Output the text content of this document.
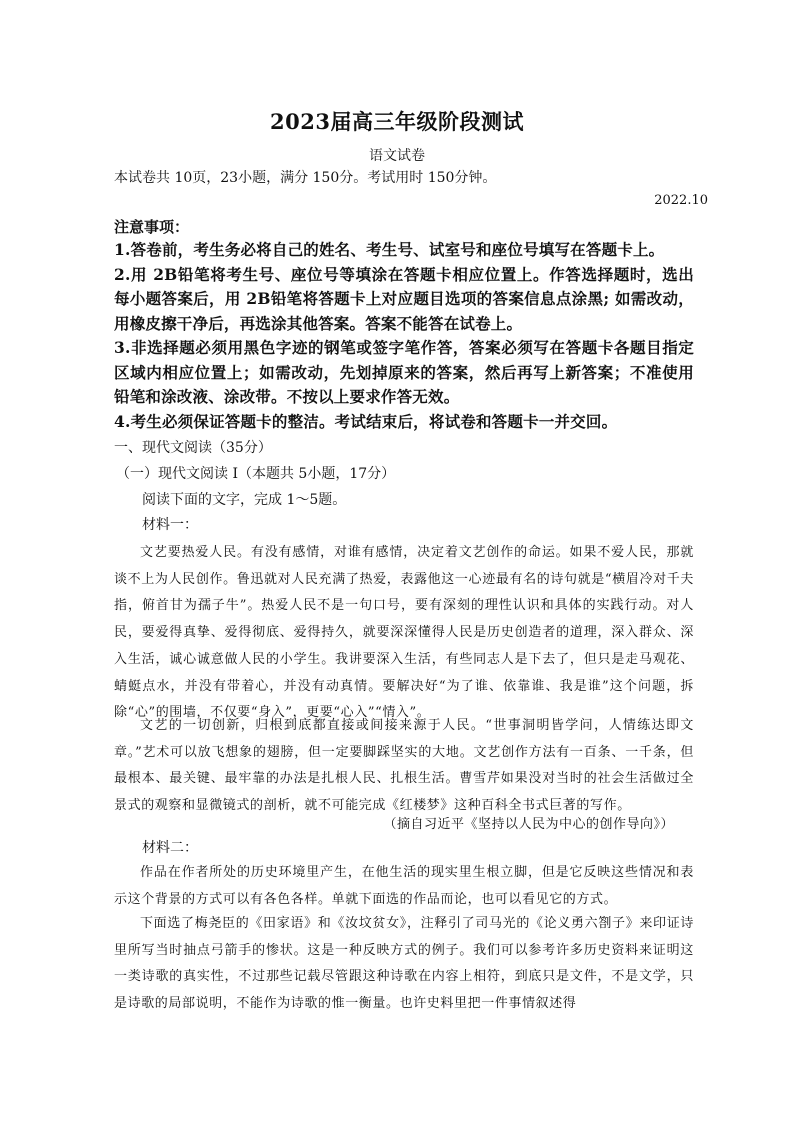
2023届高三年级阶段测试
语文试卷
本试卷共 10页，23小题，满分 150分。考试用时 150分钟。
2022.10
注意事项：

1.答卷前，考生务必将自己的姓名、考生号、试室号和座位号填写在答题卡上。

2.用 2B铅笔将考生号、座位号等填涂在答题卡相应位置上。作答选择题时，选出每小题答案后，用 2B铅笔将答题卡上对应题目选项的答案信息点涂黑; 如需改动，用橡皮擦干净后，再选涂其他答案。答案不能答在试卷上。

3.非选择题必须用黑色字迹的钢笔或签字笔作答，答案必须写在答题卡各题目指定区域内相应位置上；如需改动，先划掉原来的答案，然后再写上新答案；不准使用铅笔和涂改液、涂改带。不按以上要求作答无效。

4.考生必须保证答题卡的整洁。考试结束后，将试卷和答题卡一并交回。

一、现代文阅读（35分）
（一）现代文阅读 I（本题共 5小题，17分）
阅读下面的文字，完成 1～5题。
材料一：

文艺要热爱人民。有没有感情，对谁有感情，决定着文艺创作的命运。如果不爱人民，那就谈不上为人民创作。鲁迅就对人民充满了热爱，表露他这一心迹最有名的诗句就是“横眉冷对千夫指，俯首甘为孺子牛”。热爱人民不是一句口号，要有深刻的理性认识和具体的实践行动。对人民，要爱得真挚、爱得彻底、爱得持久，就要深深懂得人民是历史创造者的道理，深入群众、深入生活，诚心诚意做人民的小学生。我讲要深入生活，有些同志人是下去了，但只是走马观花、蜻蜓点水，并没有带着心，并没有动真情。要解决好“为了谁、依靠谁、我是谁”这个问题，拆除“心”的围墙，不仅要“身入”，更要“心入”“情入”。

文艺的一切创新，归根到底都直接或间接来源于人民。“世事洞明皆学问，人情练达即文章。”艺术可以放飞想象的翅膀，但一定要脚踩坚实的大地。文艺创作方法有一百条、一千条，但最根本、最关键、最牢靠的办法是扎根人民、扎根生活。曹雪芹如果没对当时的社会生活做过全景式的观察和显微镜式的剖析，就不可能完成《红楼梦》这种百科全书式巨著的写作。

（摘自习近平《坚持以人民为中心的创作导向》）
材料二：

作品在作者所处的历史环境里产生，在他生活的现实里生根立脚，但是它反映这些情况和表示这个背景的方式可以有各色各样。单就下面选的作品而论，也可以看见它的方式。

下面选了梅尧臣的《田家语》和《汝坟贫女》，注释引了司马光的《论义勇六劄子》来印证诗里所写当时抽点弓箭手的惨状。这是一种反映方式的例子。我们可以参考许多历史资料来证明这一类诗歌的真实性，不过那些记载尽管跟这种诗歌在内容上相符，到底只是文件，不是文学，只是诗歌的局部说明，不能作为诗歌的惟一衡量。也许史料里把一件事情叙述得
